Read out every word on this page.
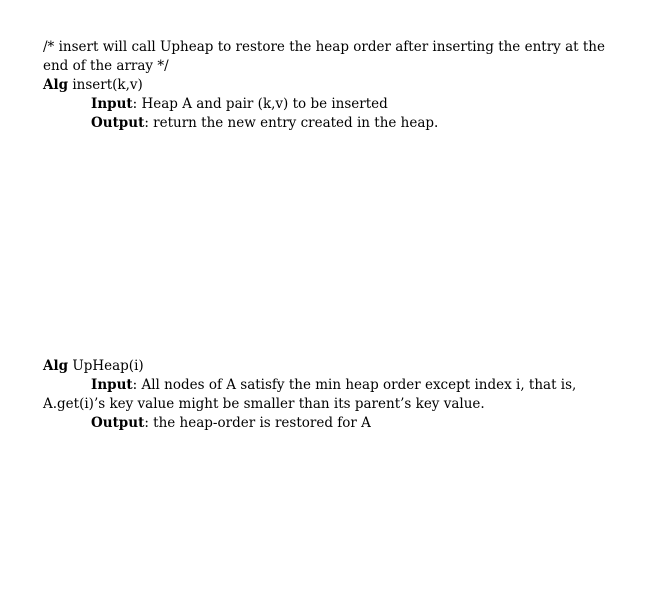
/* insert will call Upheap to restore the heap order after inserting the entry at the
end of the array */
Alg insert(k,v)
Input: Heap A and pair (k,v) to be inserted
Output: return the new entry created in the heap.
Alg UpHeap(i)
Input: All nodes of A satisfy the min heap order except index i, that is,
A.get(i)’s key value might be smaller than its parent’s key value.
Output: the heap-order is restored for A
